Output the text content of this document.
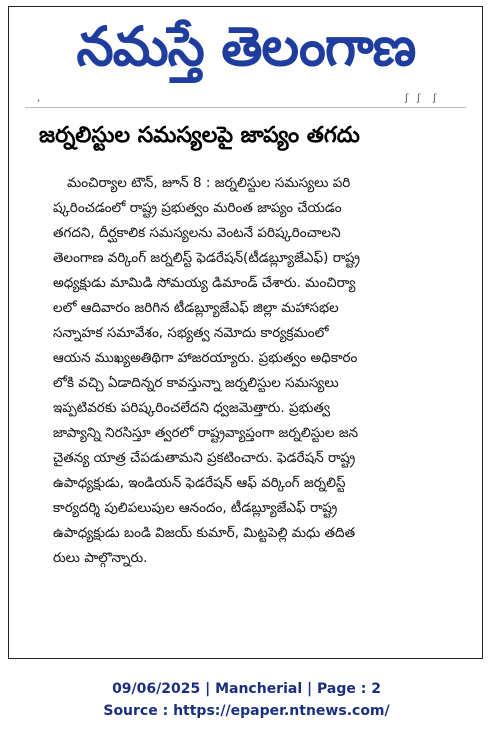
నమస్తే తెలంగాణ
,	ʃ ʃ ʃ
జర్నలిస్టుల సమస్యలపై జాప్యం తగదు
మంచిర్యాల టౌన్, జూన్ 8 : జర్నలిస్టుల సమస్యలు పరి
ష్కరించడంలో రాష్ట్ర ప్రభుత్వం మరింత జాప్యం చేయడం
తగదని, దీర్ఘకాలిక సమస్యలను వెంటనే పరిష్కరించాలని
తెలంగాణ వర్కింగ్ జర్నలిస్ట్ ఫెడరేషన్(టీడబ్ల్యూజేఎఫ్) రాష్ట్ర
అధ్యక్షుడు మామిడి సోమయ్య డిమాండ్ చేశారు. మంచిర్యా
లలో ఆదివారం జరిగిన టీడబ్ల్యూజేఎఫ్ జిల్లా మహాసభల
సన్నాహక సమావేశం, సభ్యత్వ నమోదు కార్యక్రమంలో
ఆయన ముఖ్యఅతిథిగా హాజరయ్యారు. ప్రభుత్వం అధికారం
లోకి వచ్చి ఏడాదిన్నర కావస్తున్నా జర్నలిస్టుల సమస్యలు
ఇప్పటివరకు పరిష్కరించలేదని ధ్వజమెత్తారు. ప్రభుత్వ
జాప్యాన్ని నిరసిస్తూ త్వరలో రాష్ట్రవ్యాప్తంగా జర్నలిస్టుల జన
చైతన్య యాత్ర చేపడుతామని ప్రకటించారు. ఫెడరేషన్ రాష్ట్ర
ఉపాధ్యక్షుడు, ఇండియన్ ఫెడరేషన్ ఆఫ్ వర్కింగ్ జర్నలిస్ట్
కార్యదర్శి పులిపలుపుల ఆనందం, టీడబ్ల్యూజేఎఫ్ రాష్ట్ర
ఉపాధ్యక్షుడు బండి విజయ్ కుమార్, మిట్టపెల్లి మధు తదిత
రులు పాల్గొన్నారు.
09/06/2025 | Mancherial | Page : 2
Source : https://epaper.ntnews.com/
